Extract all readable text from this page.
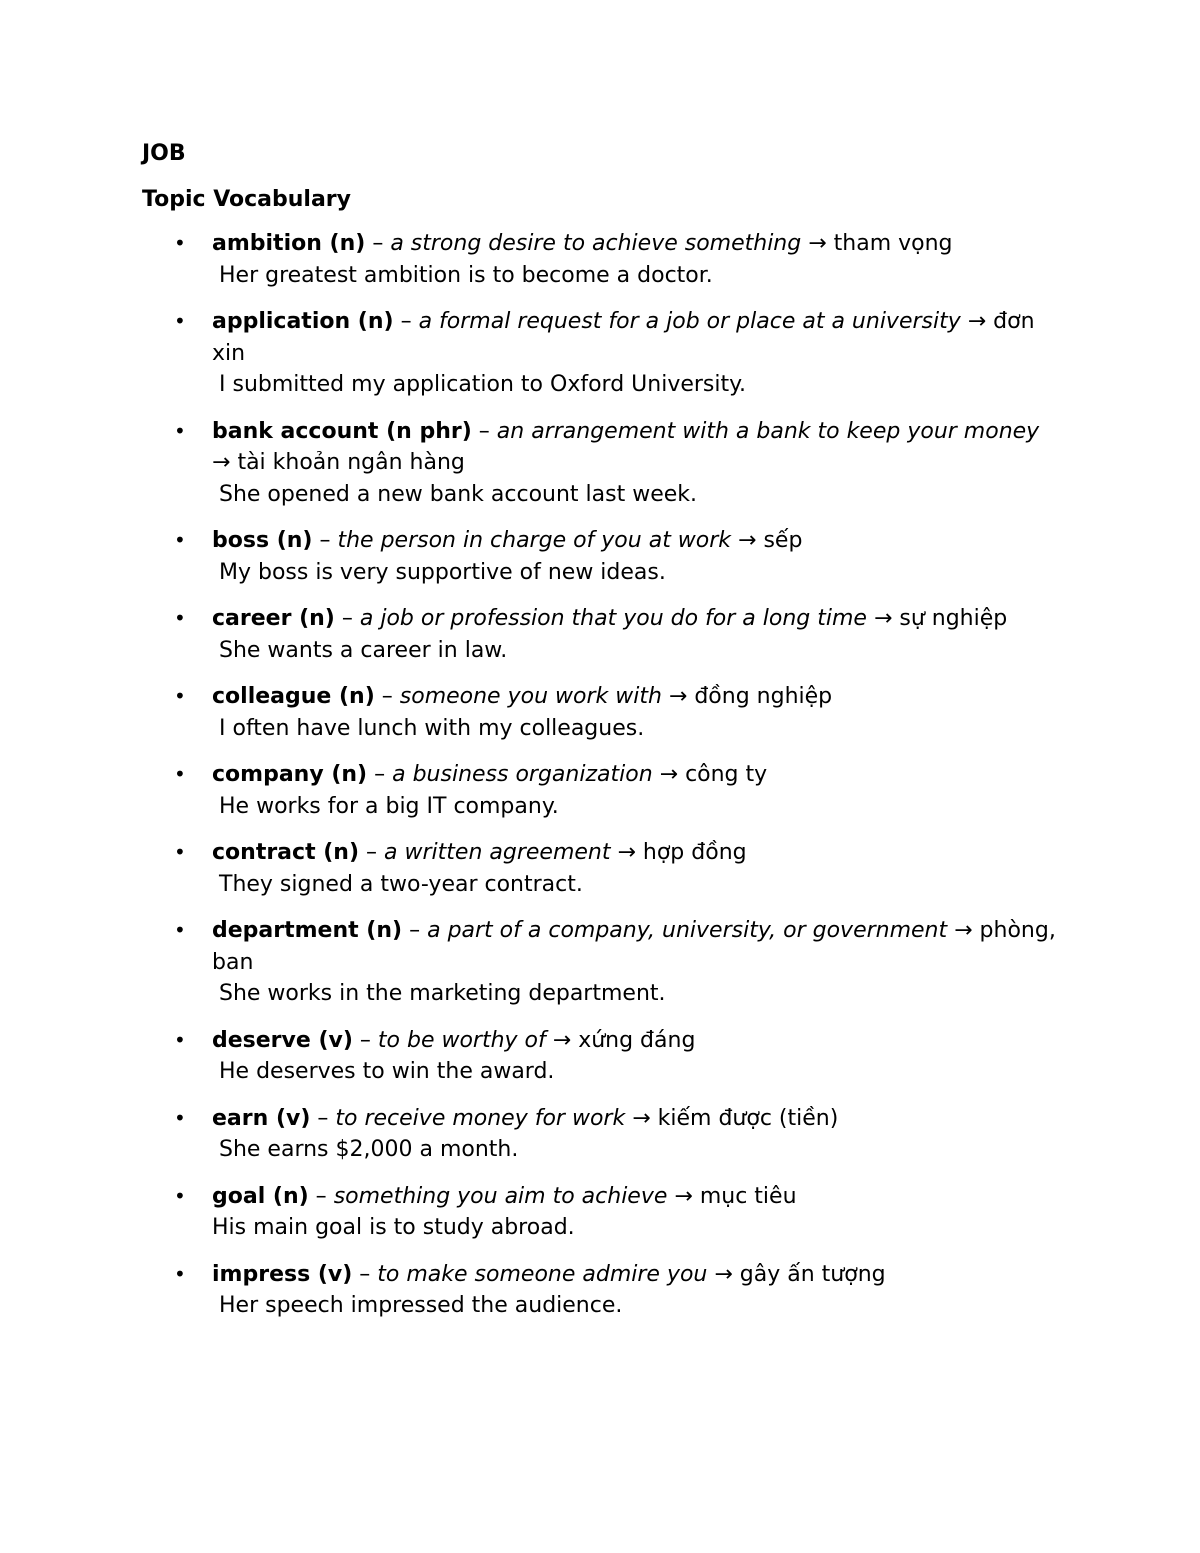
JOB
Topic Vocabulary
• ambition (n) – a strong desire to achieve something → tham vọng
Her greatest ambition is to become a doctor.
• application (n) – a formal request for a job or place at a university → đơn xin
I submitted my application to Oxford University.
• bank account (n phr) – an arrangement with a bank to keep your money → tài khoản ngân hàng
She opened a new bank account last week.
• boss (n) – the person in charge of you at work → sếp
My boss is very supportive of new ideas.
• career (n) – a job or profession that you do for a long time → sự nghiệp
She wants a career in law.
• colleague (n) – someone you work with → đồng nghiệp
I often have lunch with my colleagues.
• company (n) – a business organization → công ty
He works for a big IT company.
• contract (n) – a written agreement → hợp đồng
They signed a two-year contract.
• department (n) – a part of a company, university, or government → phòng, ban
She works in the marketing department.
• deserve (v) – to be worthy of → xứng đáng
He deserves to win the award.
• earn (v) – to receive money for work → kiếm được (tiền)
She earns $2,000 a month.
• goal (n) – something you aim to achieve → mục tiêu
His main goal is to study abroad.
• impress (v) – to make someone admire you → gây ấn tượng
Her speech impressed the audience.
